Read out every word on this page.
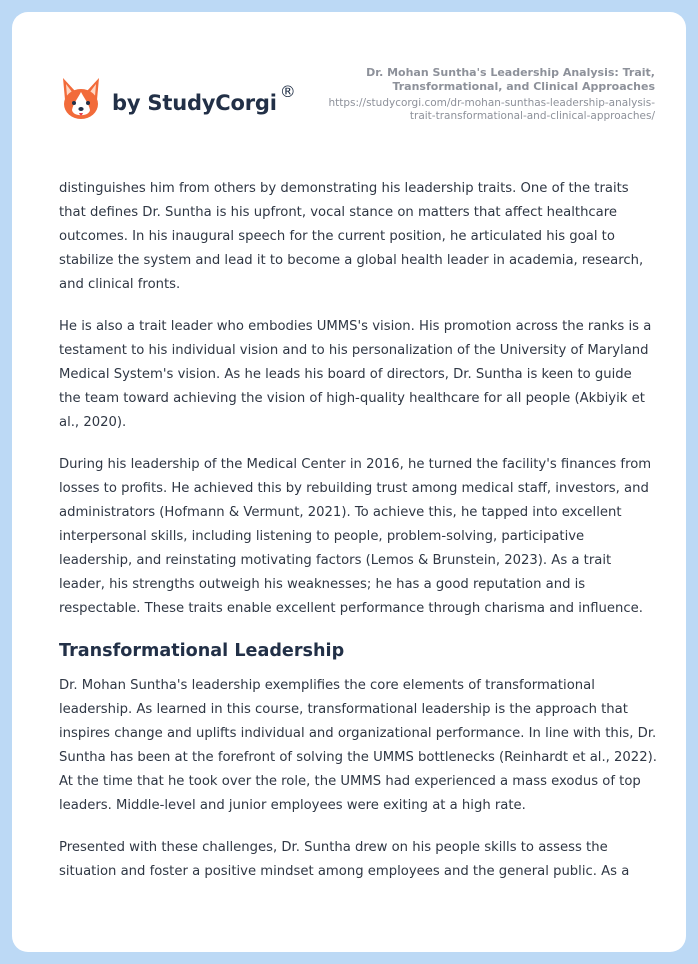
by StudyCorgi ®
Dr. Mohan Suntha's Leadership Analysis: Trait, Transformational, and Clinical Approaches
https://studycorgi.com/dr-mohan-sunthas-leadership-analysis-trait-transformational-and-clinical-approaches/

distinguishes him from others by demonstrating his leadership traits. One of the traits that defines Dr. Suntha is his upfront, vocal stance on matters that affect healthcare outcomes. In his inaugural speech for the current position, he articulated his goal to stabilize the system and lead it to become a global health leader in academia, research, and clinical fronts.

He is also a trait leader who embodies UMMS's vision. His promotion across the ranks is a testament to his individual vision and to his personalization of the University of Maryland Medical System's vision. As he leads his board of directors, Dr. Suntha is keen to guide the team toward achieving the vision of high-quality healthcare for all people (Akbiyik et al., 2020).

During his leadership of the Medical Center in 2016, he turned the facility's finances from losses to profits. He achieved this by rebuilding trust among medical staff, investors, and administrators (Hofmann & Vermunt, 2021). To achieve this, he tapped into excellent interpersonal skills, including listening to people, problem-solving, participative leadership, and reinstating motivating factors (Lemos & Brunstein, 2023). As a trait leader, his strengths outweigh his weaknesses; he has a good reputation and is respectable. These traits enable excellent performance through charisma and influence.

Transformational Leadership

Dr. Mohan Suntha's leadership exemplifies the core elements of transformational leadership. As learned in this course, transformational leadership is the approach that inspires change and uplifts individual and organizational performance. In line with this, Dr. Suntha has been at the forefront of solving the UMMS bottlenecks (Reinhardt et al., 2022). At the time that he took over the role, the UMMS had experienced a mass exodus of top leaders. Middle-level and junior employees were exiting at a high rate.

Presented with these challenges, Dr. Suntha drew on his people skills to assess the situation and foster a positive mindset among employees and the general public. As a
